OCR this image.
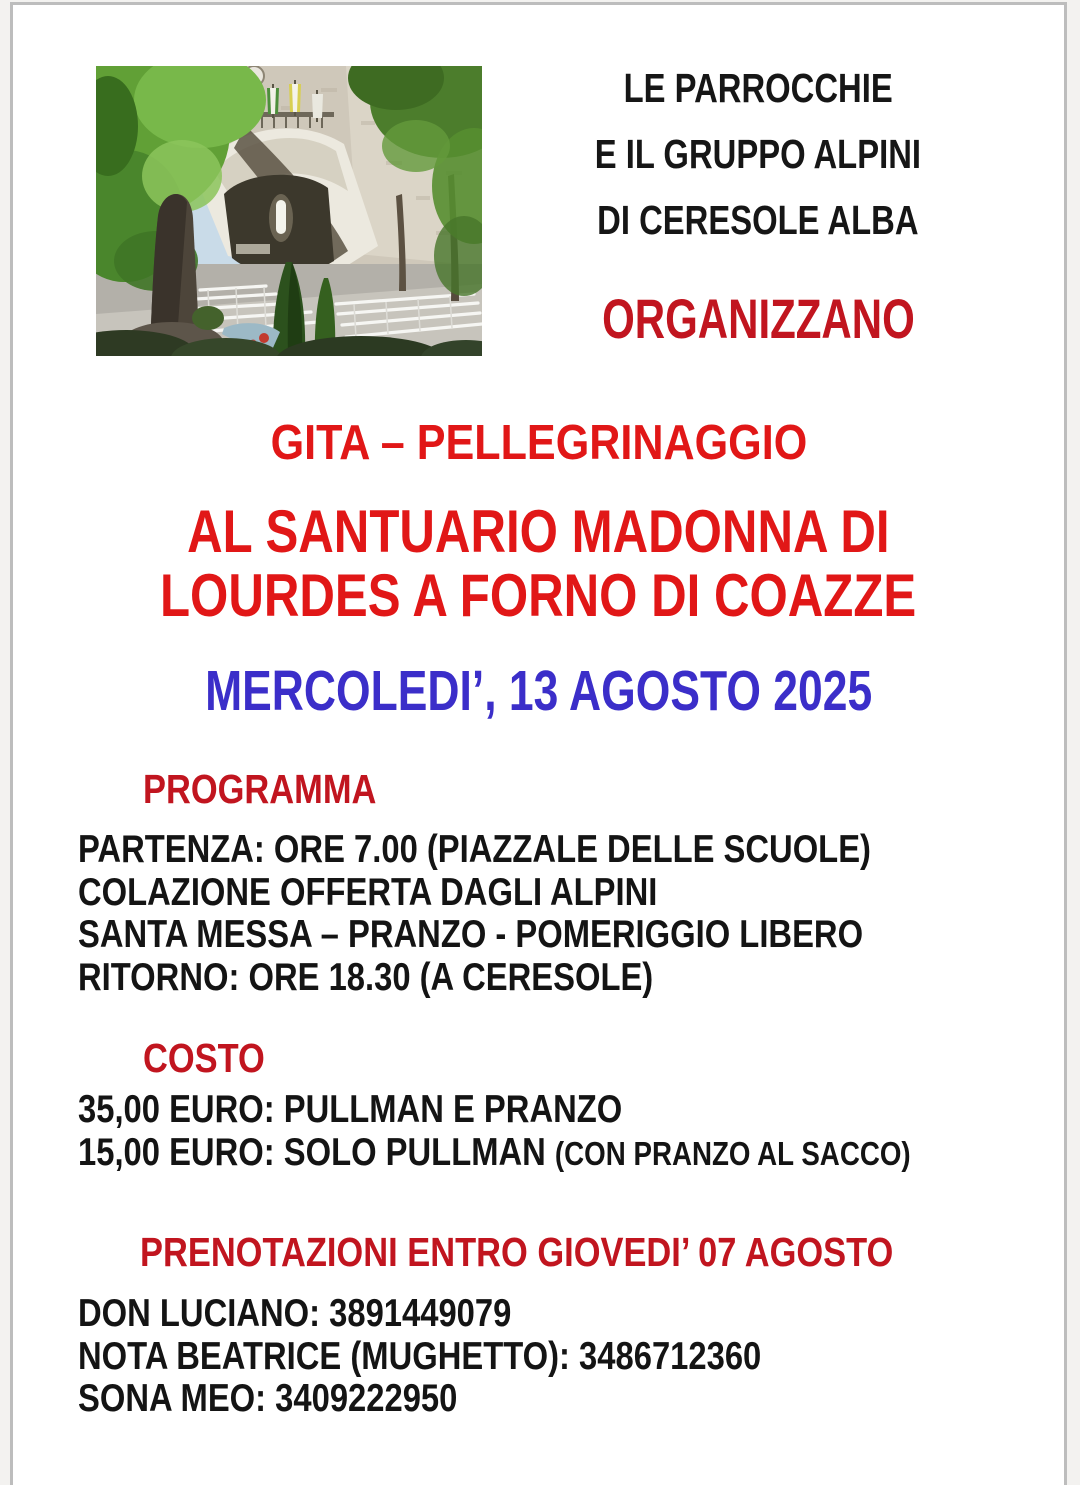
LE PARROCCHIE
E IL GRUPPO ALPINI
DI CERESOLE ALBA
ORGANIZZANO
GITA – PELLEGRINAGGIO
AL SANTUARIO MADONNA DI
LOURDES A FORNO DI COAZZE
MERCOLEDI’, 13 AGOSTO 2025
PROGRAMMA
PARTENZA: ORE 7.00 (PIAZZALE DELLE SCUOLE)
COLAZIONE OFFERTA DAGLI ALPINI
SANTA MESSA – PRANZO - POMERIGGIO LIBERO
RITORNO: ORE 18.30 (A CERESOLE)
COSTO
35,00 EURO: PULLMAN E PRANZO
15,00 EURO: SOLO PULLMAN (CON PRANZO AL SACCO)
PRENOTAZIONI ENTRO GIOVEDI’ 07 AGOSTO
DON LUCIANO: 3891449079
NOTA BEATRICE (MUGHETTO): 3486712360
SONA MEO: 3409222950
